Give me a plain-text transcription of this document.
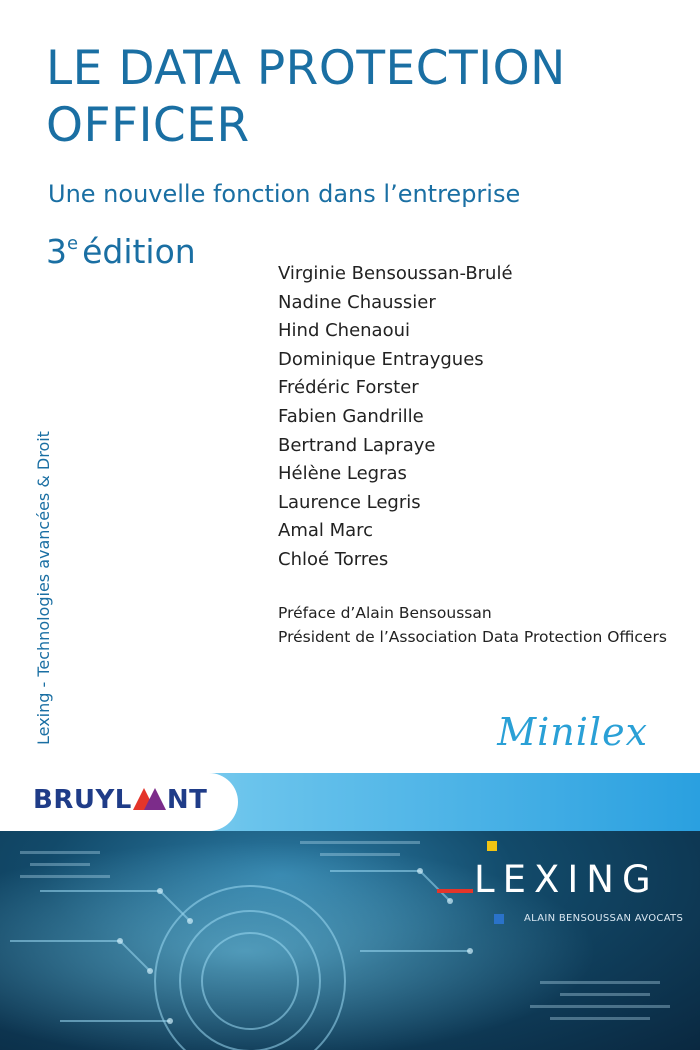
LE DATA PROTECTION OFFICER
Une nouvelle fonction dans l’entreprise
3e édition
Virginie Bensoussan-Brulé
Nadine Chaussier
Hind Chenaoui
Dominique Entraygues
Frédéric Forster
Fabien Gandrille
Bertrand Lapraye
Hélène Legras
Laurence Legris
Amal Marc
Chloé Torres
Préface d’Alain Bensoussan
Président de l’Association Data Protection Officers
Lexing - Technologies avancées & Droit	Minilex
BRUYL NT
LEXING
ALAIN BENSOUSSAN AVOCATS
